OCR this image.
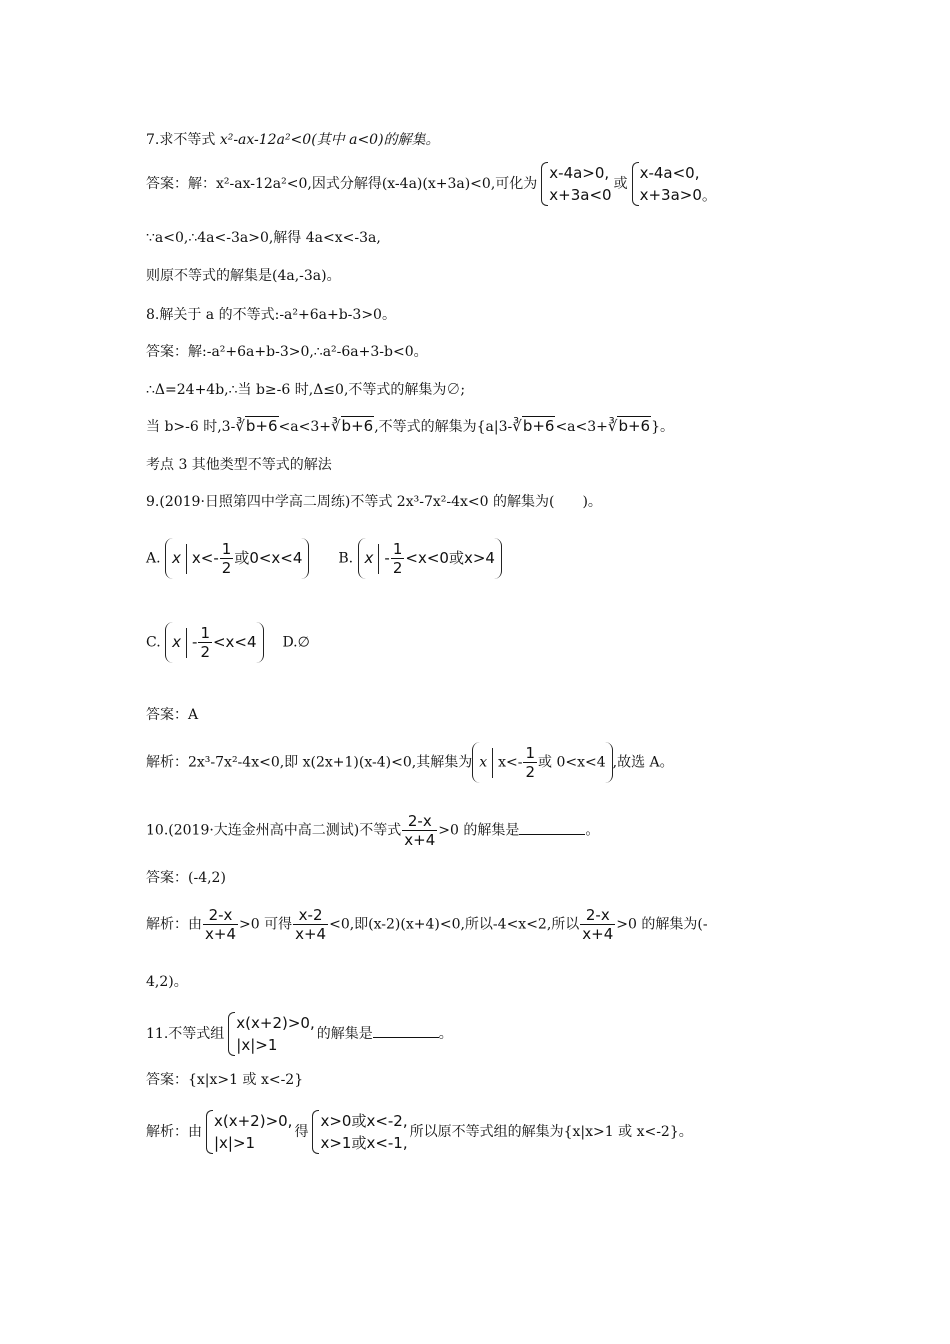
7.求不等式 x²-ax-12a²<0(其中 a<0)的解集。
答案：解：x²-ax-12a²<0,因式分解得(x-4a)(x+3a)<0,可化为
x-4a>0,
x+3a<0
或
x-4a<0,
x+3a>0。
∵a<0,∴4a<-3a>0,解得 4a<x<-3a,
则原不等式的解集是(4a,-3a)。
8.解关于 a 的不等式:-a²+6a+b-3>0。
答案：解:-a²+6a+b-3>0,∴a²-6a+3-b<0。
∴Δ=24+4b,∴当 b≥-6 时,Δ≤0,不等式的解集为∅;
当 b>-6 时,3-∛b+6<a<3+∛b+6,不等式的解集为{a|3-∛b+6<a<3+∛b+6}。
考点 3 其他类型不等式的解法
9.(2019·日照第四中学高二周练)不等式 2x³-7x²-4x<0 的解集为(　　)。
A. x $x<- \frac{1}{2}$ 或0<x<4	B. $x - \frac{1}{2} <x<0$或x>4
C. $x - \frac{1}{2} <x<4$ D.∅
答案：A
解析：2x³-7x²-4x<0,即 x(2x+1)(x-4)<0,其解集为 x $x<- \frac{1}{2}$ 或 0<x<4 ,故选 A。
10.(2019·大连金州高中高二测试)不等式 $\frac{2-x}{x+4} >0$ 的解集是	。
答案：(-4,2)
解析：由 $\frac{2-x}{x+4} >0$ 可得 $\frac{x-2}{x+4} <0$,即(x-2)(x+4)<0,所以-4<x<2,所以 $\frac{2-x}{x+4} >0$ 的解集为(-
4,2)。
11.不等式组
x(x+2)>0,
|x|>1
的解集是	。
答案：{x|x>1 或 x<-2}
解析：由
x(x+2)>0,
|x|>1
得
x>0或x<-2,
x>1或x<-1,
所以原不等式组的解集为{x|x>1 或 x<-2}。
